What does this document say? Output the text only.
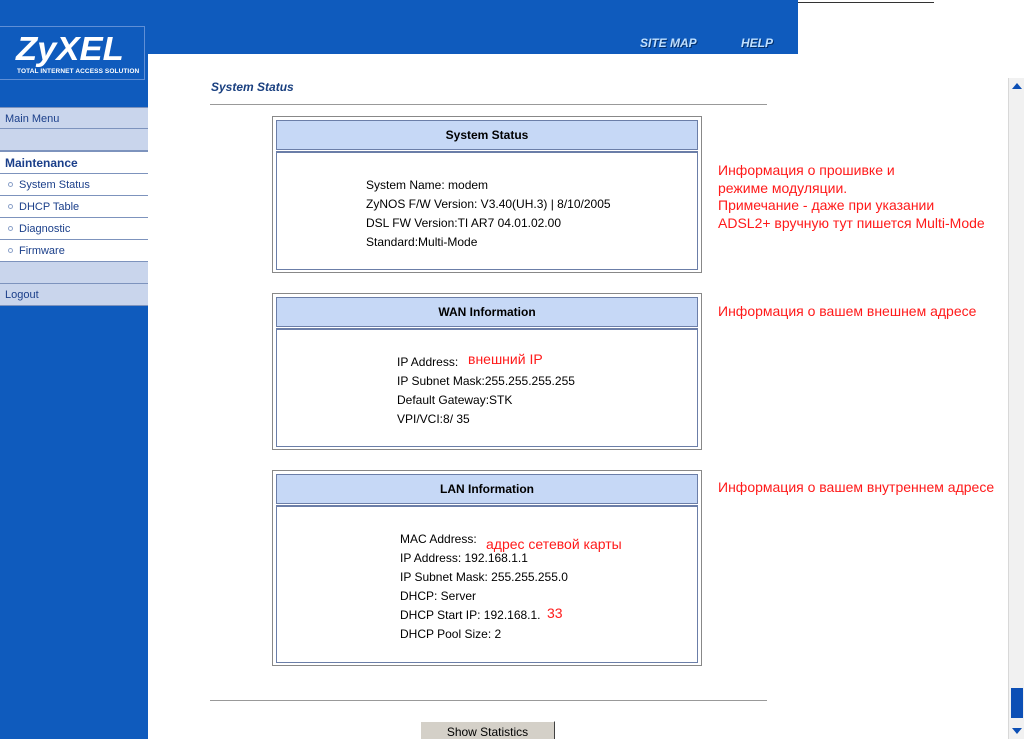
ZyXEL
TOTAL INTERNET ACCESS SOLUTION
SITE MAP	HELP
Main Menu
Maintenance
System Status
DHCP Table
Diagnostic
Firmware
Logout
System Status
System Status
System Name: modem
ZyNOS F/W Version: V3.40(UH.3) | 8/10/2005
DSL FW Version:TI AR7 04.01.02.00
Standard:Multi-Mode
WAN Information
IP Address: внешний IP
IP Subnet Mask:255.255.255.255
Default Gateway:STK
VPI/VCI:8/ 35
LAN Information
MAC Address: адрес сетевой карты
IP Address: 192.168.1.1
IP Subnet Mask: 255.255.255.0
DHCP: Server
DHCP Start IP: 192.168.1. 33
DHCP Pool Size: 2
Информация о прошивке и
режиме модуляции.
Примечание - даже при указании
ADSL2+ вручную тут пишется Multi-Mode
Информация о вашем внешнем адресе
Информация о вашем внутреннем адресе
Show Statistics
